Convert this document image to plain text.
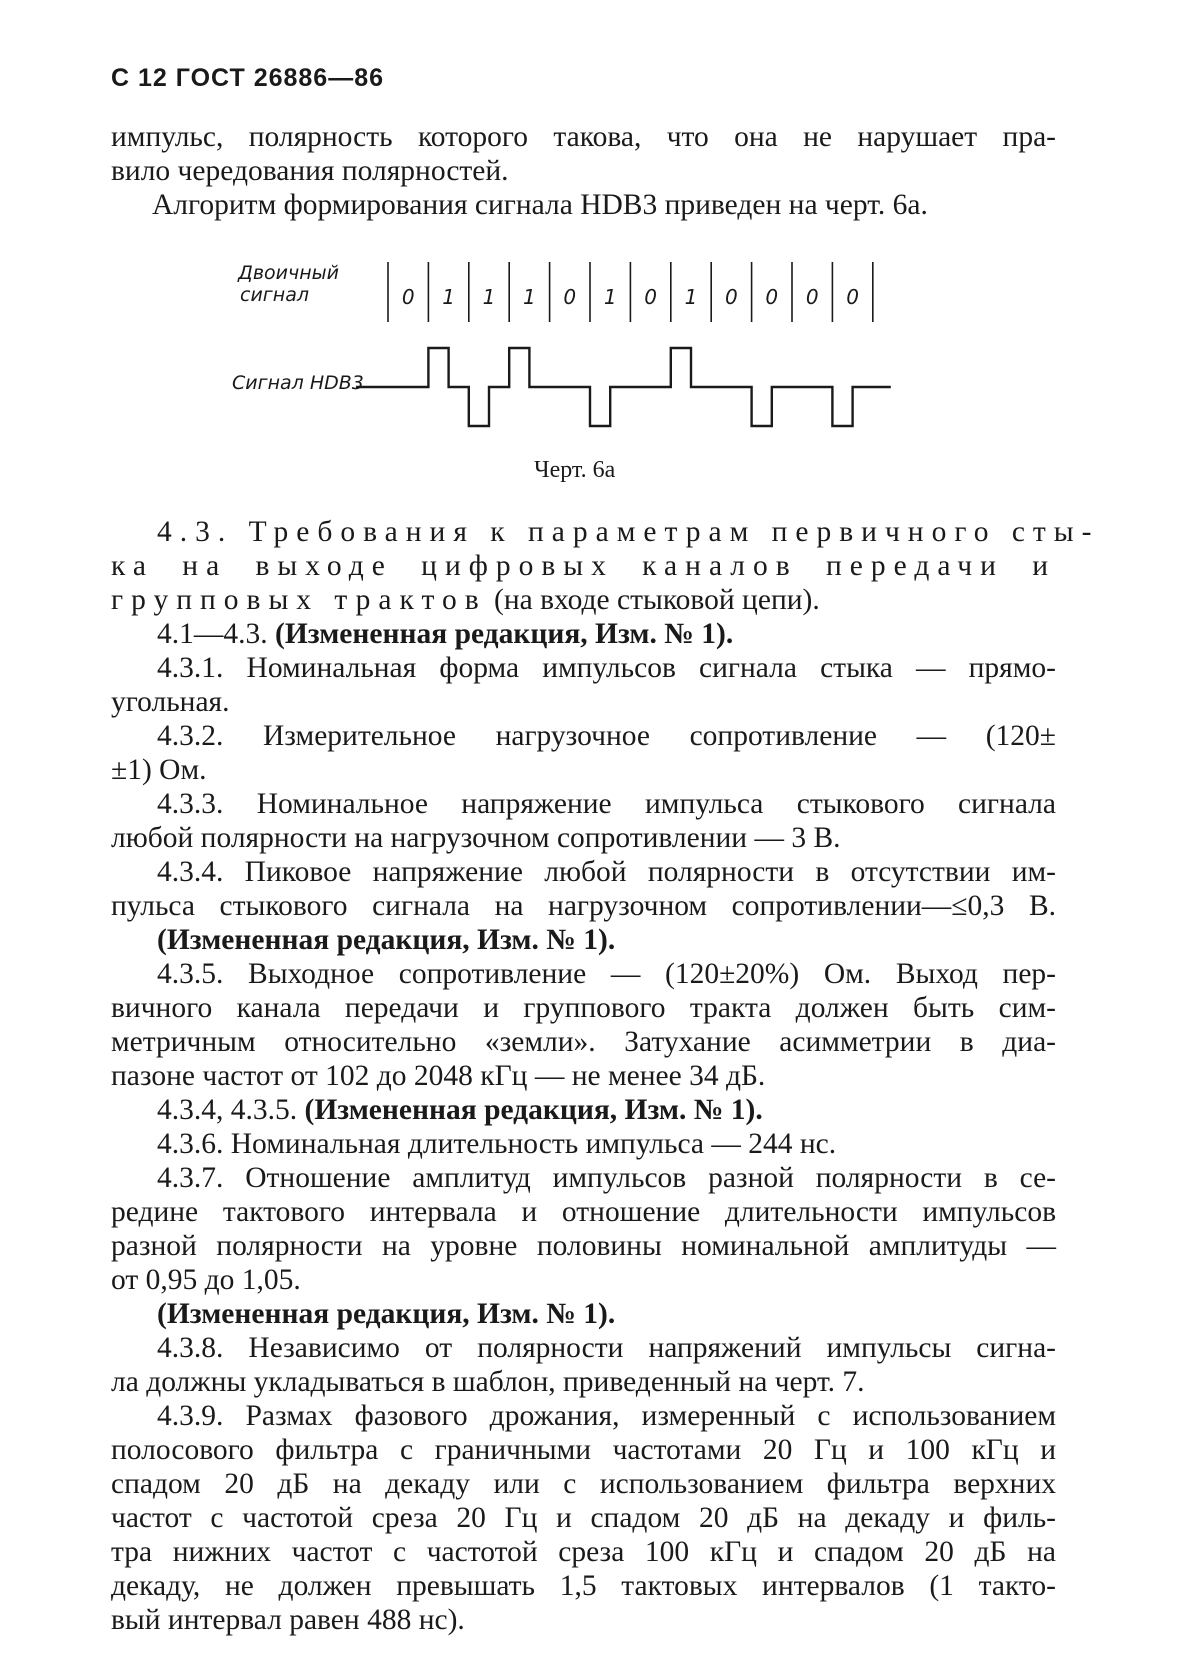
С 12 ГОСТ 26886—86
импульс, полярность которого такова, что она не нарушает пра-
вило чередования полярностей.
Алгоритм формирования сигнала HDB3 приведен на черт. 6а.
Двоичный
сигнал
Сигнал HDB3
0 1 1 1 0 1 0 1 0 0 0 0
Черт. 6а
4.3. Требования к параметрам первичного сты-
ка на выходе цифровых каналов передачи и
групповых трактов (на входе стыковой цепи).
4.1—4.3. (Измененная редакция, Изм. № 1).
4.3.1. Номинальная форма импульсов сигнала стыка — прямо-
угольная.
4.3.2. Измерительное нагрузочное сопротивление — (120±
±1) Ом.
4.3.3. Номинальное напряжение импульса стыкового сигнала
любой полярности на нагрузочном сопротивлении — 3 В.
4.3.4. Пиковое напряжение любой полярности в отсутствии им-
пульса стыкового сигнала на нагрузочном сопротивлении—≤0,3 В.
(Измененная редакция, Изм. № 1).
4.3.5. Выходное сопротивление — (120±20%) Ом. Выход пер-
вичного канала передачи и группового тракта должен быть сим-
метричным относительно «земли». Затухание асимметрии в диа-
пазоне частот от 102 до 2048 кГц — не менее 34 дБ.
4.3.4, 4.3.5. (Измененная редакция, Изм. № 1).
4.3.6. Номинальная длительность импульса — 244 нс.
4.3.7. Отношение амплитуд импульсов разной полярности в се-
редине тактового интервала и отношение длительности импульсов
разной полярности на уровне половины номинальной амплитуды —
от 0,95 до 1,05.
(Измененная редакция, Изм. № 1).
4.3.8. Независимо от полярности напряжений импульсы сигна-
ла должны укладываться в шаблон, приведенный на черт. 7.
4.3.9. Размах фазового дрожания, измеренный с использованием
полосового фильтра с граничными частотами 20 Гц и 100 кГц и
спадом 20 дБ на декаду или с использованием фильтра верхних
частот с частотой среза 20 Гц и спадом 20 дБ на декаду и филь-
тра нижних частот с частотой среза 100 кГц и спадом 20 дБ на
декаду, не должен превышать 1,5 тактовых интервалов (1 такто-
вый интервал равен 488 нс).
